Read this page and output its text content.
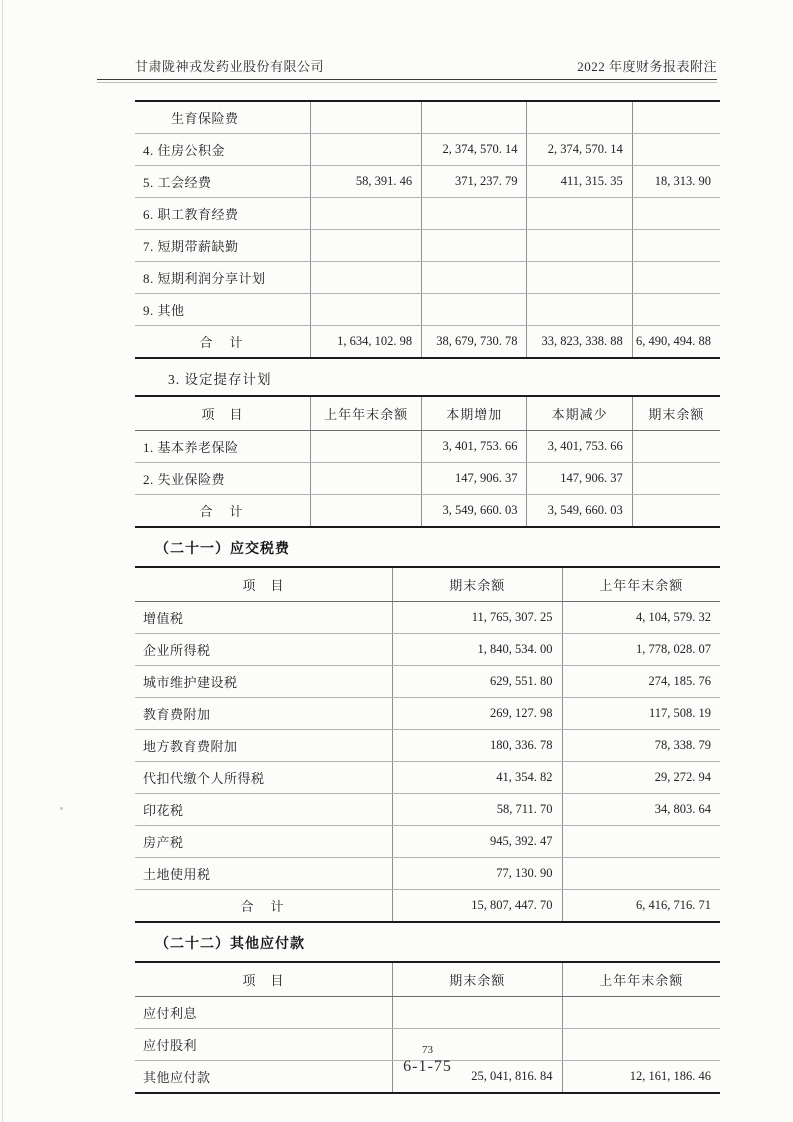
甘肃陇神戎发药业股份有限公司	2022 年度财务报表附注
生育保险费				
4. 住房公积金		2, 374, 570. 14	2, 374, 570. 14	
5. 工会经费	58, 391. 46	371, 237. 79	411, 315. 35	18, 313. 90
6. 职工教育经费				
7. 短期带薪缺勤				
8. 短期利润分享计划				
9. 其他				
合　计	1, 634, 102. 98	38, 679, 730. 78	33, 823, 338. 88	6, 490, 494. 88
3. 设定提存计划
项　目	上年年末余额	本期增加	本期减少	期末余额
1. 基本养老保险		3, 401, 753. 66	3, 401, 753. 66	
2. 失业保险费		147, 906. 37	147, 906. 37	
合　计		3, 549, 660. 03	3, 549, 660. 03	
（二十一）应交税费
项　目	期末余额	上年年末余额
增值税	11, 765, 307. 25	4, 104, 579. 32
企业所得税	1, 840, 534. 00	1, 778, 028. 07
城市维护建设税	629, 551. 80	274, 185. 76
教育费附加	269, 127. 98	117, 508. 19
地方教育费附加	180, 336. 78	78, 338. 79
代扣代缴个人所得税	41, 354. 82	29, 272. 94
印花税	58, 711. 70	34, 803. 64
房产税	945, 392. 47	
土地使用税	77, 130. 90	
合　计	15, 807, 447. 70	6, 416, 716. 71
（二十二）其他应付款
项　目	期末余额	上年年末余额
应付利息		
应付股利		
其他应付款	25, 041, 816. 84	12, 161, 186. 46
73
6-1-75
